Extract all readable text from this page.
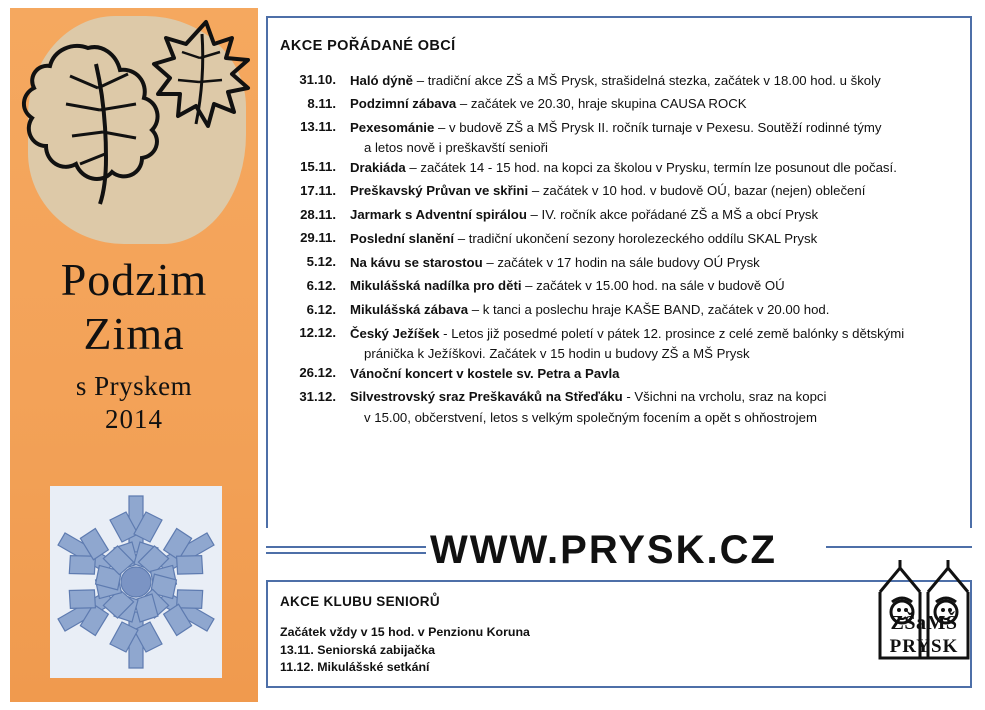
Podzim
Zima
s Pryskem
2014
AKCE POŘÁDANÉ OBCÍ
31.10.	Haló dýně – tradiční akce ZŠ a MŠ Prysk, strašidelná stezka, začátek v 18.00 hod. u školy
8.11.	Podzimní zábava – začátek ve 20.30, hraje skupina CAUSA ROCK
13.11.	Pexesománie – v budově ZŠ a MŠ Prysk II. ročník turnaje v Pexesu. Soutěží rodinné týmy
a letos nově i preškavští senioři
15.11.	Drakiáda – začátek 14 - 15 hod. na kopci za školou v Prysku, termín lze posunout dle počasí.
17.11.	Preškavský Průvan ve skřini – začátek v 10 hod. v budově OÚ, bazar (nejen) oblečení
28.11.	Jarmark s Adventní spirálou – IV. ročník akce pořádané ZŠ a MŠ a obcí Prysk
29.11.	Poslední slanění – tradiční ukončení sezony horolezeckého oddílu SKAL Prysk
5.12.	Na kávu se starostou – začátek v 17 hodin na sále budovy OÚ Prysk
6.12.	Mikulášská nadílka pro děti – začátek v 15.00 hod. na sále v budově OÚ
6.12.	Mikulášská zábava – k tanci a poslechu hraje KAŠE BAND, začátek v 20.00 hod.
12.12.	Český Ježíšek - Letos již posedmé poletí v pátek 12. prosince z celé země balónky s dětskými
pránička k Ježíškovi. Začátek v 15 hodin u budovy ZŠ a MŠ Prysk
26.12.	Vánoční koncert v kostele sv. Petra a Pavla
31.12.	Silvestrovský sraz Preškaváků na Střeďáku - Všichni na vrcholu, sraz na kopci
v 15.00, občerstvení, letos s velkým společným focením a opět s ohňostrojem
WWW.PRYSK.CZ
AKCE KLUBU SENIORŮ
Začátek vždy v 15 hod. v Penzionu Koruna
13.11. Seniorská zabijačka
11.12. Mikulášské setkání
ZŠaMŠ
PRYSK
